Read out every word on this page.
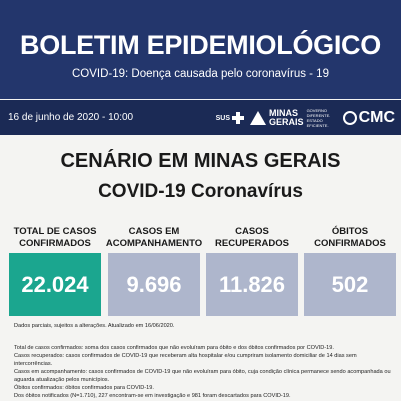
BOLETIM EPIDEMIOLÓGICO
COVID-19: Doença causada pelo coronavírus - 19
16 de junho de 2020 - 10:00	SUS	MINAS
GERAIS
GOVERNO DIFERENTE. ESTADO EFICIENTE.	CMC
CENÁRIO EM MINAS GERAIS
COVID-19 Coronavírus
TOTAL DE CASOS CONFIRMADOS
22.024
CASOS EM ACOMPANHAMENTO
9.696
CASOS RECUPERADOS
11.826
ÓBITOS CONFIRMADOS
502
Dados parciais, sujeitos a alterações. Atualizado em 16/06/2020.

Total de casos confirmados: soma dos casos confirmados que não evoluíram para óbito e dos óbitos confirmados por COVID-19.

Casos recuperados: casos confirmados de COVID-19 que receberam alta hospitalar e/ou cumpriram isolamento domiciliar de 14 dias sem intercorrências.

Casos em acompanhamento: casos confirmados de COVID-19 que não evoluíram para óbito, cuja condição clínica permanece sendo acompanhada ou aguarda atualização pelos municípios.

Óbitos confirmados: óbitos confirmados para COVID-19.

Dos óbitos notificados (N=1.710), 227 encontram-se em investigação e 981 foram descartados para COVID-19.
